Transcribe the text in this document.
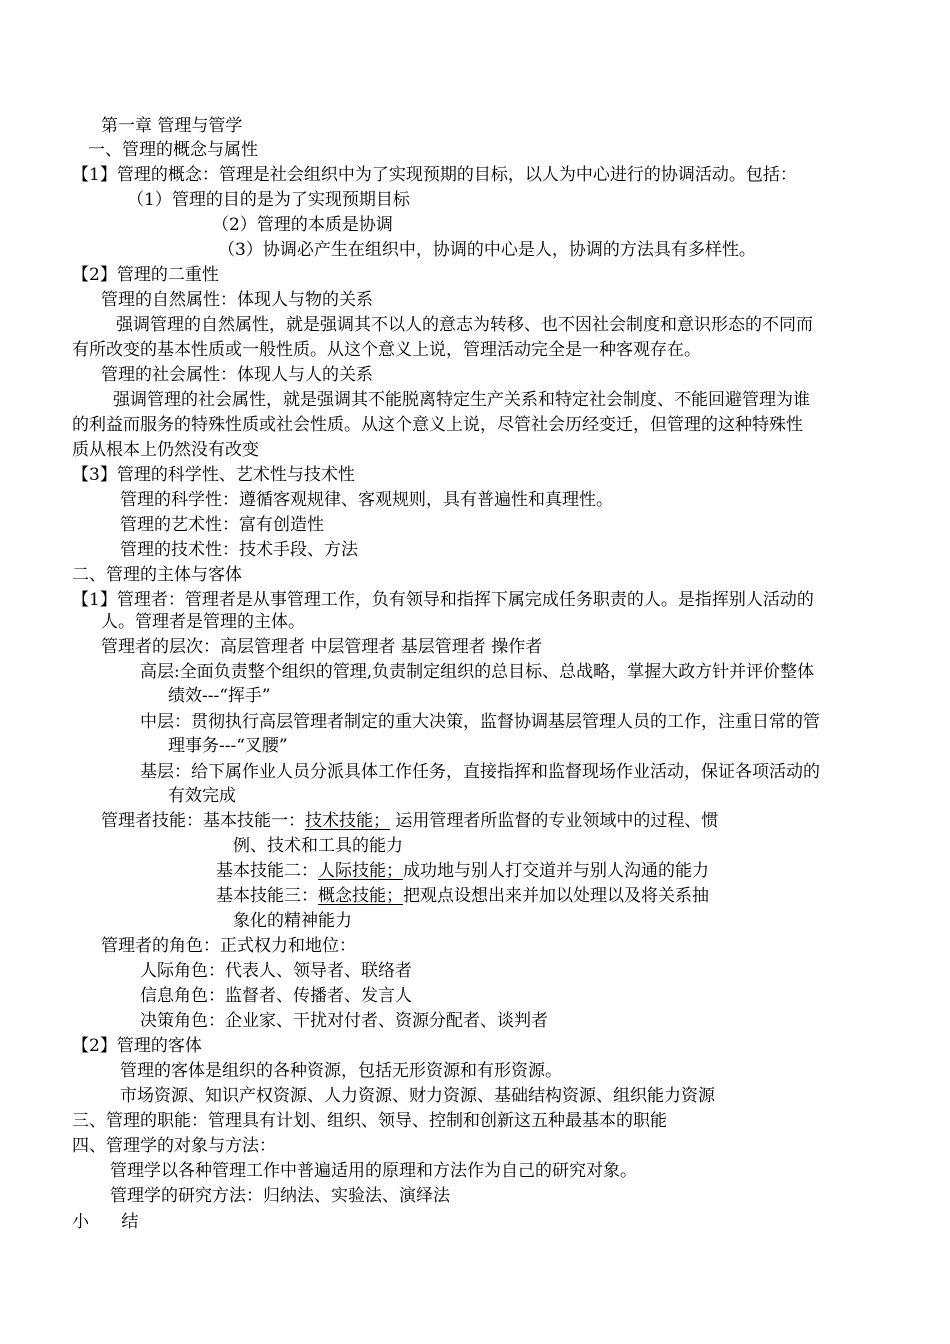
第一章 管理与管学
一、管理的概念与属性
【1】管理的概念：管理是社会组织中为了实现预期的目标，以人为中心进行的协调活动。包括：
（1）管理的目的是为了实现预期目标
（2）管理的本质是协调
（3）协调必产生在组织中，协调的中心是人，协调的方法具有多样性。
【2】管理的二重性
管理的自然属性：体现人与物的关系
强调管理的自然属性，就是强调其不以人的意志为转移、也不因社会制度和意识形态的不同而
有所改变的基本性质或一般性质。从这个意义上说，管理活动完全是一种客观存在。
管理的社会属性：体现人与人的关系
强调管理的社会属性，就是强调其不能脱离特定生产关系和特定社会制度、不能回避管理为谁
的利益而服务的特殊性质或社会性质。从这个意义上说，尽管社会历经变迁，但管理的这种特殊性
质从根本上仍然没有改变
【3】管理的科学性、艺术性与技术性
管理的科学性：遵循客观规律、客观规则，具有普遍性和真理性。
管理的艺术性：富有创造性
管理的技术性：技术手段、方法
二、管理的主体与客体
【1】管理者：管理者是从事管理工作，负有领导和指挥下属完成任务职责的人。是指挥别人活动的
人。管理者是管理的主体。
管理者的层次：高层管理者 中层管理者 基层管理者 操作者
高层:全面负责整个组织的管理,负责制定组织的总目标、总战略，掌握大政方针并评价整体
绩效---“挥手”
中层：贯彻执行高层管理者制定的重大决策，监督协调基层管理人员的工作，注重日常的管
理事务---“叉腰”
基层：给下属作业人员分派具体工作任务，直接指挥和监督现场作业活动，保证各项活动的
有效完成
管理者技能：基本技能一：技术技能； 运用管理者所监督的专业领域中的过程、惯
例、技术和工具的能力
基本技能二：人际技能；成功地与别人打交道并与别人沟通的能力
基本技能三：概念技能；把观点设想出来并加以处理以及将关系抽
象化的精神能力
管理者的角色：正式权力和地位：
人际角色：代表人、领导者、联络者
信息角色：监督者、传播者、发言人
决策角色：企业家、干扰对付者、资源分配者、谈判者
【2】管理的客体
管理的客体是组织的各种资源，包括无形资源和有形资源。
市场资源、知识产权资源、人力资源、财力资源、基础结构资源、组织能力资源
三、管理的职能：管理具有计划、组织、领导、控制和创新这五种最基本的职能
四、管理学的对象与方法：
管理学以各种管理工作中普遍适用的原理和方法作为自己的研究对象。
管理学的研究方法：归纳法、实验法、演绎法
小      结
